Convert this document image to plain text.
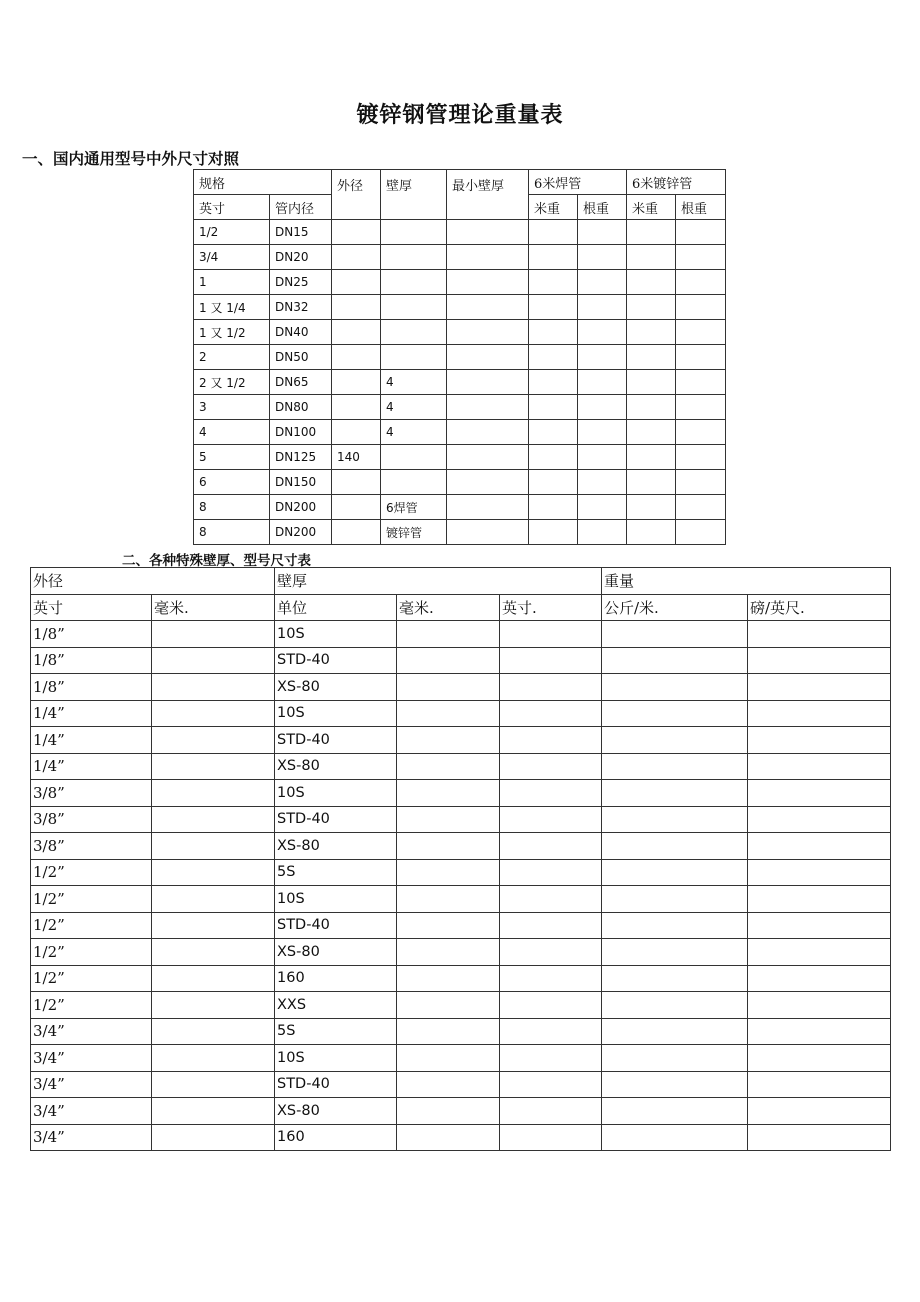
镀锌钢管理论重量表
一、国内通用型号中外尺寸对照
规格		外径	壁厚	最小壁厚	6米焊管		6米镀锌管	
英寸	管内径				米重	根重	米重	根重
1/2	DN15							
3/4	DN20							
1	DN25							
1 又 1/4	DN32							
1 又 1/2	DN40							
2	DN50							
2 又 1/2	DN65		4					
3	DN80		4					
4	DN100		4					
5	DN125	140						
6	DN150							
8	DN200		6焊管					
8	DN200		镀锌管					
二、各种特殊壁厚、型号尺寸表
外径		壁厚			重量	
英寸	毫米.	单位	毫米.	英寸.	公斤/米.	磅/英尺.
1/8”		10S				
1/8”		STD-40				
1/8”		XS-80				
1/4”		10S				
1/4”		STD-40				
1/4”		XS-80				
3/8”		10S				
3/8”		STD-40				
3/8”		XS-80				
1/2”		5S				
1/2”		10S				
1/2”		STD-40				
1/2”		XS-80				
1/2”		160				
1/2”		XXS				
3/4”		5S				
3/4”		10S				
3/4”		STD-40				
3/4”		XS-80				
3/4”		160				
